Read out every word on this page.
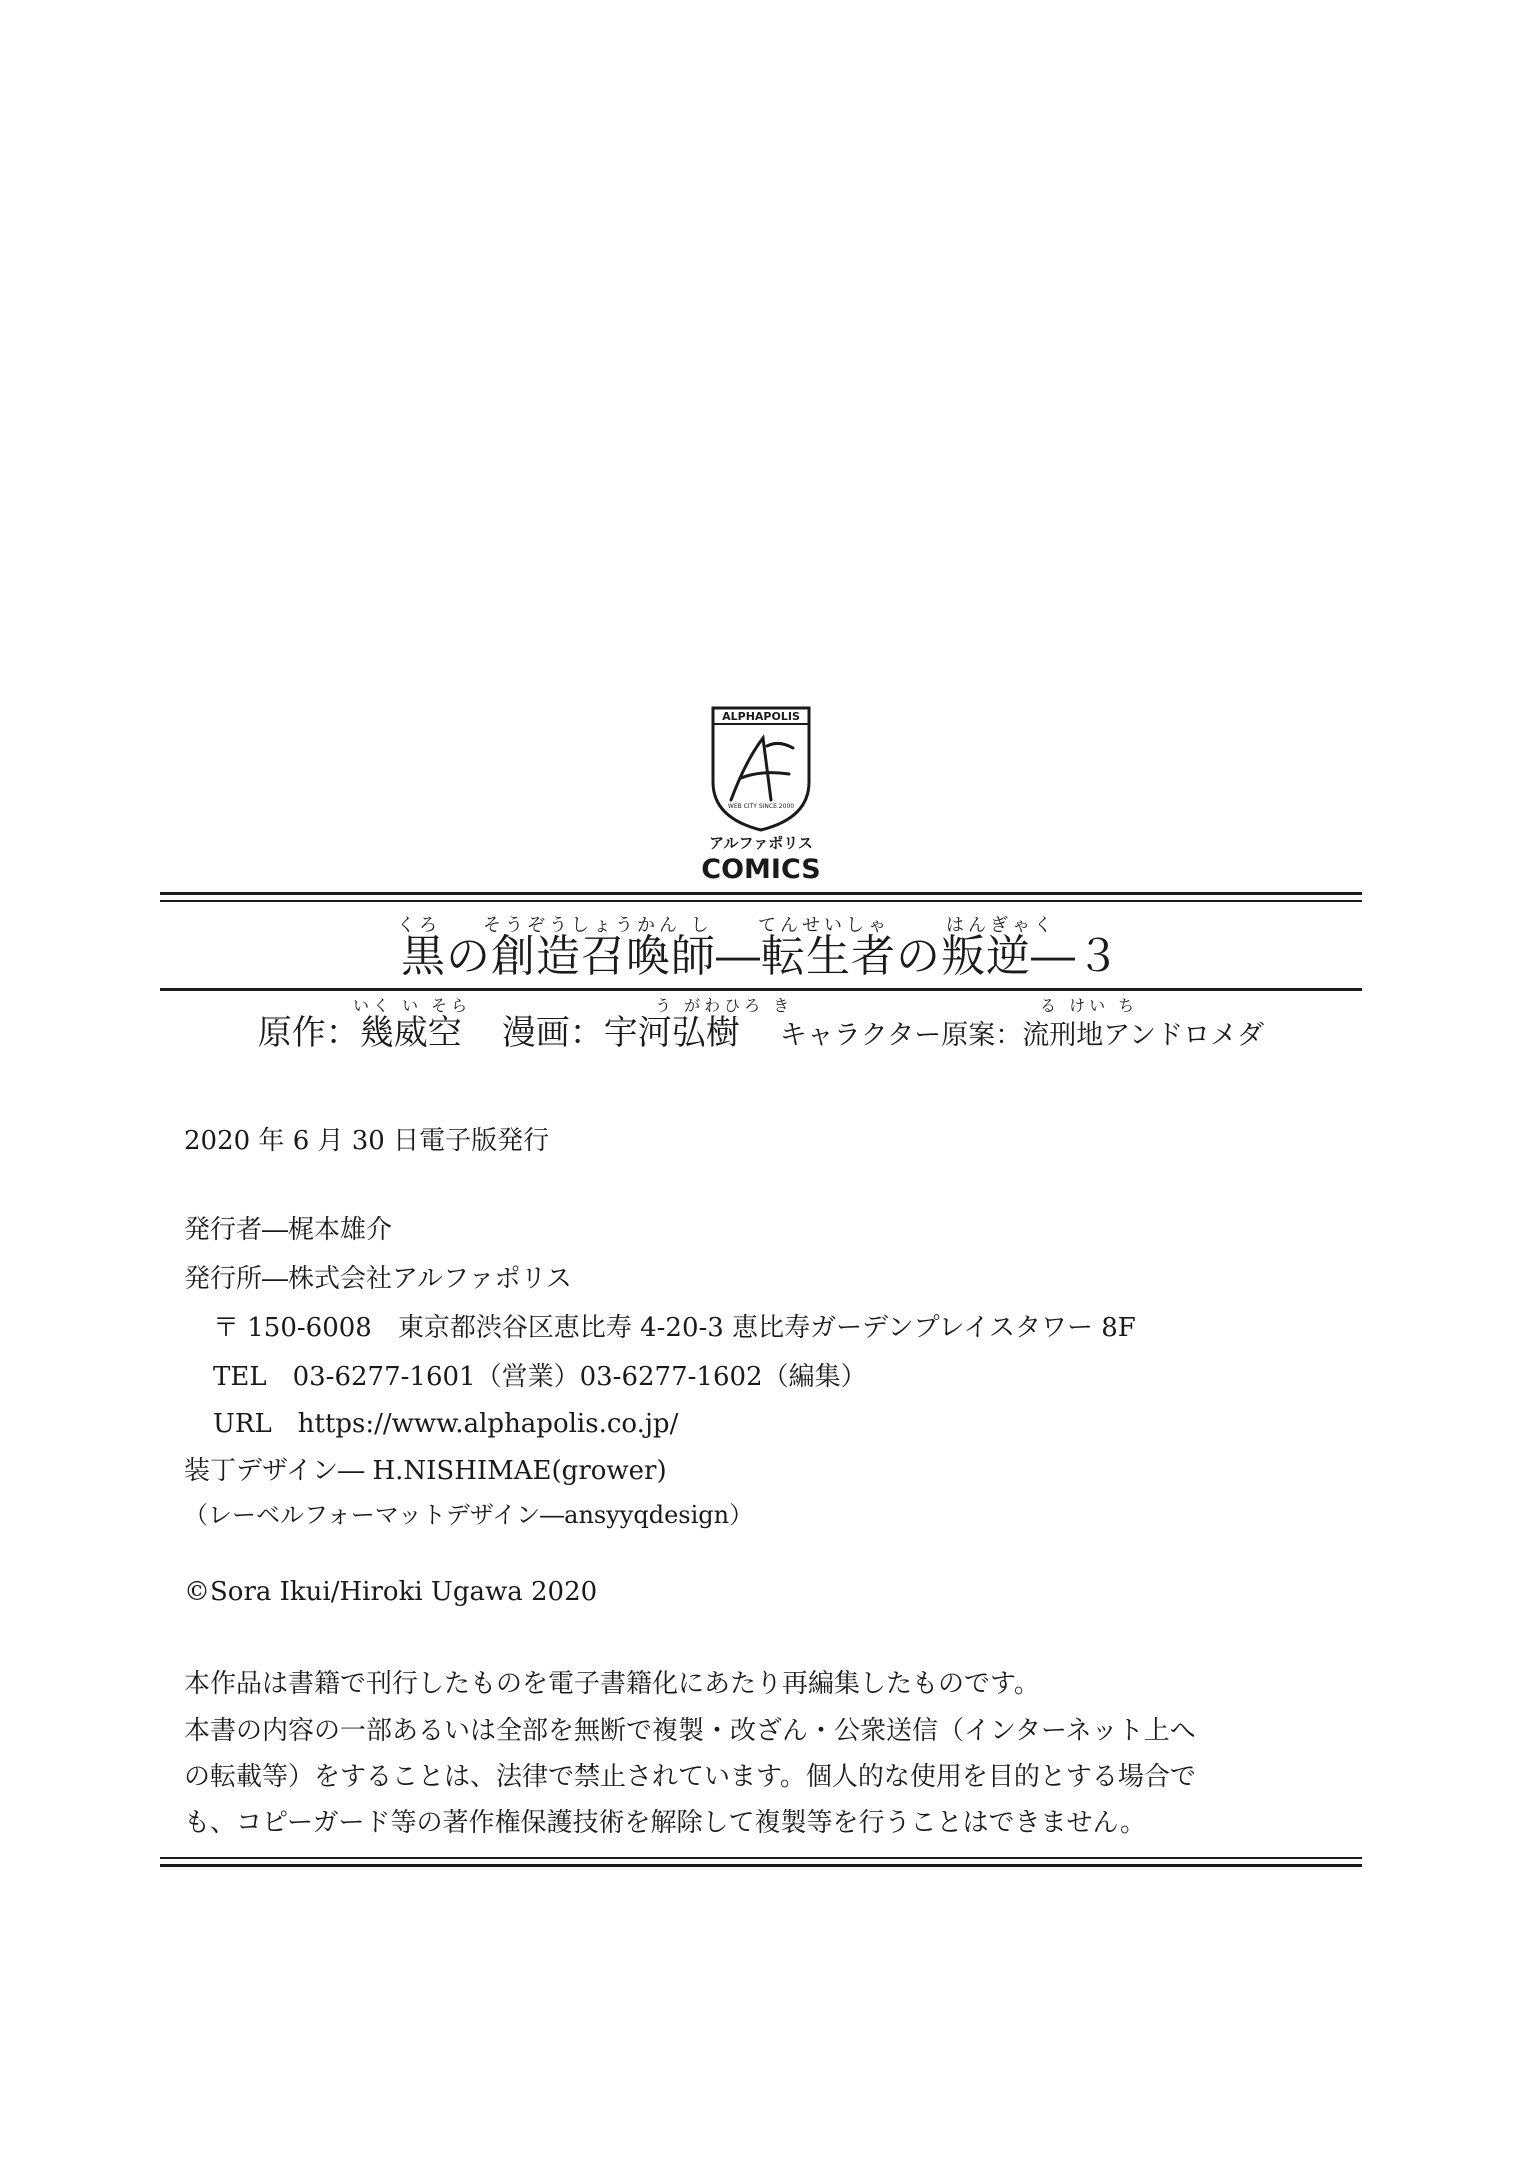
ALPHAPOLIS
WEB CITY SINCE 2000
アルファポリス
COMICS
くろ そうぞうしょうかん し	てんせいしゃ	はんぎゃく
黒の創造召喚師―転生者の叛逆―３
いく い そら	う がわひろ き	る けい ち
原作：幾威空 漫画：宇河弘樹 キャラクター原案：流刑地アンドロメダ
2020 年 6 月 30 日電子版発行
発行者―梶本雄介
発行所―株式会社アルファポリス
〒 150-6008　東京都渋谷区恵比寿 4-20-3 恵比寿ガーデンプレイスタワー 8F
TEL　03-6277-1601（営業）03-6277-1602（編集）
URL　https://www.alphapolis.co.jp/
装丁デザイン― H.NISHIMAE(grower)
（レーベルフォーマットデザイン―ansyyqdesign）
©Sora Ikui/Hiroki Ugawa 2020
本作品は書籍で刊行したものを電子書籍化にあたり再編集したものです。
本書の内容の一部あるいは全部を無断で複製・改ざん・公衆送信（インターネット上へ
の転載等）をすることは、法律で禁止されています。個人的な使用を目的とする場合で
も、コピーガード等の著作権保護技術を解除して複製等を行うことはできません。
